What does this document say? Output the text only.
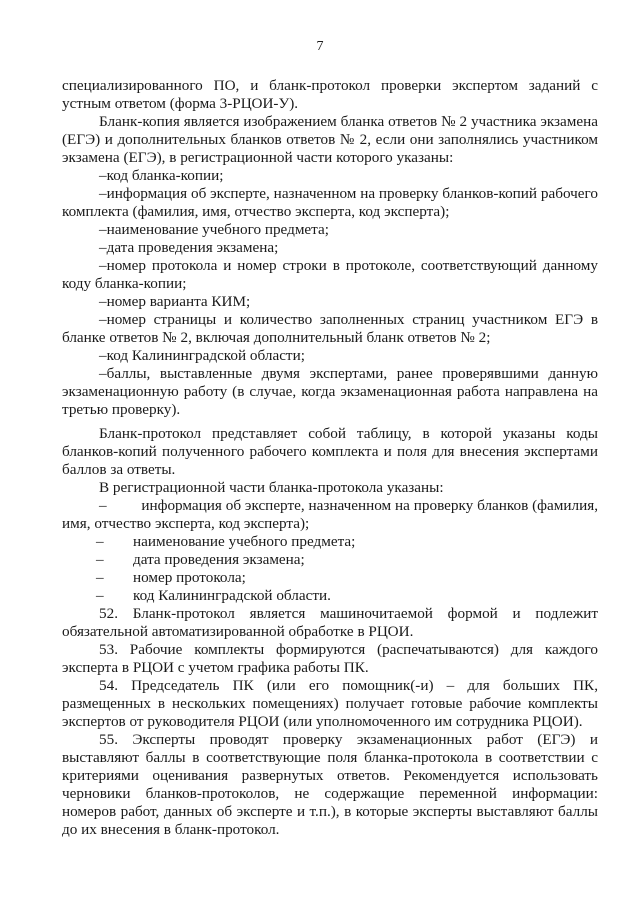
7

специализированного ПО, и бланк-протокол проверки экспертом заданий с устным ответом (форма 3-РЦОИ-У).

Бланк-копия является изображением бланка ответов № 2 участника экзамена (ЕГЭ) и дополнительных бланков ответов № 2, если они заполнялись участником экзамена (ЕГЭ), в регистрационной части которого указаны:

–код бланка-копии;

–информация об эксперте, назначенном на проверку бланков-копий рабочего комплекта (фамилия, имя, отчество эксперта, код эксперта);

–наименование учебного предмета;

–дата проведения экзамена;

–номер протокола и номер строки в протоколе, соответствующий данному коду бланка-копии;

–номер варианта КИМ;

–номер страницы и количество заполненных страниц участником ЕГЭ в бланке ответов № 2, включая дополнительный бланк ответов № 2;

–код Калининградской области;

–баллы, выставленные двумя экспертами, ранее проверявшими данную экзаменационную работу (в случае, когда экзаменационная работа направлена на третью проверку).

Бланк-протокол представляет собой таблицу, в которой указаны коды бланков-копий полученного рабочего комплекта и поля для внесения экспертами баллов за ответы.

В регистрационной части бланка-протокола указаны:

– информация об эксперте, назначенном на проверку бланков (фамилия, имя, отчество эксперта, код эксперта);

– наименование учебного предмета;
– дата проведения экзамена;
– номер протокола;
– код Калининградской области.

52. Бланк-протокол является машиночитаемой формой и подлежит обязательной автоматизированной обработке в РЦОИ.

53. Рабочие комплекты формируются (распечатываются) для каждого эксперта в РЦОИ с учетом графика работы ПК.

54. Председатель ПК (или его помощник(-и) – для больших ПК, размещенных в нескольких помещениях) получает готовые рабочие комплекты экспертов от руководителя РЦОИ (или уполномоченного им сотрудника РЦОИ).

55. Эксперты проводят проверку экзаменационных работ (ЕГЭ) и выставляют баллы в соответствующие поля бланка-протокола в соответствии с критериями оценивания развернутых ответов. Рекомендуется использовать черновики бланков-протоколов, не содержащие переменной информации: номеров работ, данных об эксперте и т.п.), в которые эксперты выставляют баллы до их внесения в бланк-протокол.
